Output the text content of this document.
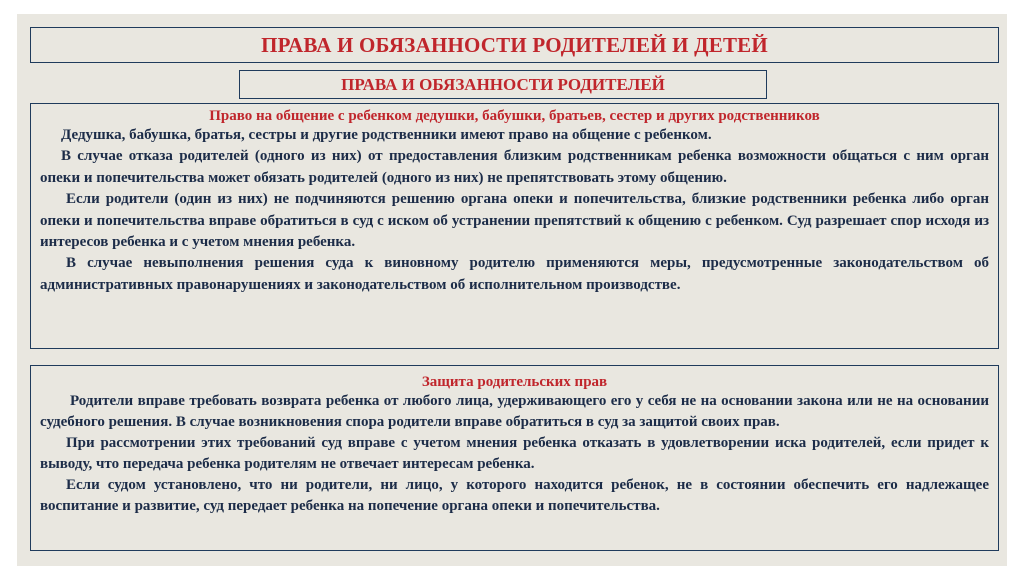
ПРАВА И ОБЯЗАННОСТИ РОДИТЕЛЕЙ И ДЕТЕЙ
ПРАВА И ОБЯЗАННОСТИ РОДИТЕЛЕЙ
Право на общение с ребенком дедушки, бабушки, братьев, сестер и других родственников

Дедушка, бабушка, братья, сестры и другие родственники имеют право на общение с ребенком.

В случае отказа родителей (одного из них) от предоставления близким родственникам ребенка возможности общаться с ним орган опеки и попечительства может обязать родителей (одного из них) не препятствовать этому общению.

Если родители (один из них) не подчиняются решению органа опеки и попечительства, близкие родственники ребенка либо орган опеки и попечительства вправе обратиться в суд с иском об устранении препятствий к общению с ребенком. Суд разрешает спор исходя из интересов ребенка и с учетом мнения ребенка.

В случае невыполнения решения суда к виновному родителю применяются меры, предусмотренные законодательством об административных правонарушениях и законодательством об исполнительном производстве.

Защита родительских прав

Родители вправе требовать возврата ребенка от любого лица, удерживающего его у себя не на основании закона или не на основании судебного решения. В случае возникновения спора родители вправе обратиться в суд за защитой своих прав.

При рассмотрении этих требований суд вправе с учетом мнения ребенка отказать в удовлетворении иска родителей, если придет к выводу, что передача ребенка родителям не отвечает интересам ребенка.

Если судом установлено, что ни родители, ни лицо, у которого находится ребенок, не в состоянии обеспечить его надлежащее воспитание и развитие, суд передает ребенка на попечение органа опеки и попечительства.
